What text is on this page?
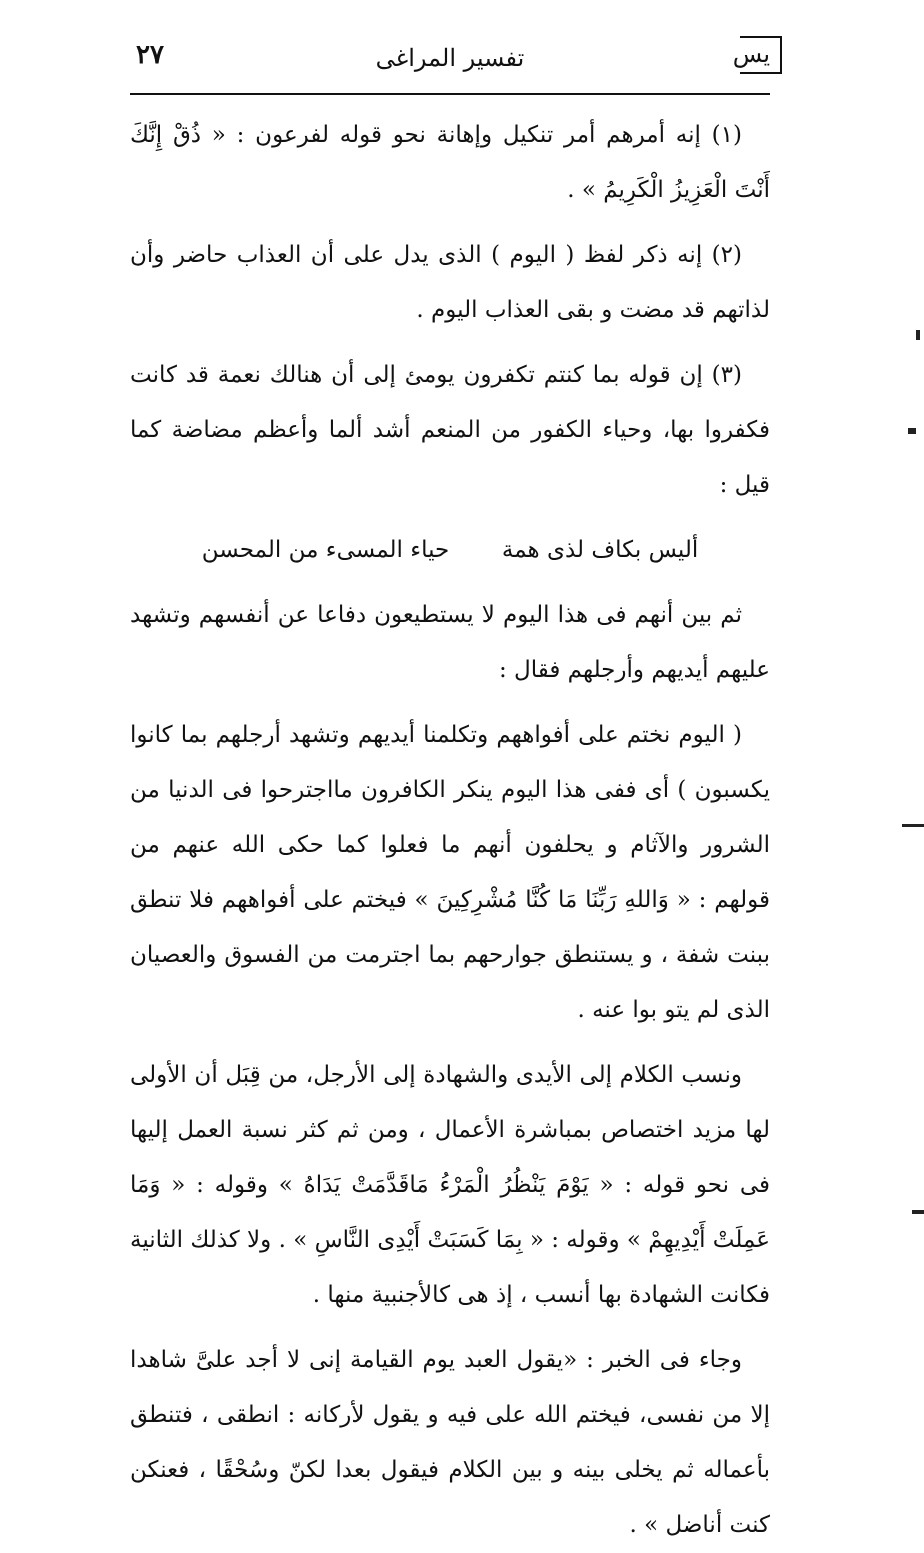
يس
تفسير المراغى
٢٧

(١) إنه أمرهم أمر تنكيل وإهانة نحو قوله لفرعون : « ذُقْ إِنَّكَ أَنْتَ الْعَزِيزُ الْكَرِيمُ » .

(٢) إنه ذكر لفظ ( اليوم ) الذى يدل على أن العذاب حاضر وأن لذاتهم قد مضت و بقى العذاب اليوم .

(٣) إن قوله بما كنتم تكفرون يومئ إلى أن هنالك نعمة قد كانت فكفروا بها، وحياء الكفور من المنعم أشد ألما وأعظم مضاضة كما قيل :

أليس بكاف لذى همة  حياء المسىء من المحسن

ثم بين أنهم فى هذا اليوم لا يستطيعون دفاعا عن أنفسهم وتشهد عليهم أيديهم وأرجلهم فقال :

( اليوم نختم على أفواههم وتكلمنا أيديهم وتشهد أرجلهم بما كانوا يكسبون ) أى ففى هذا اليوم ينكر الكافرون مااجترحوا فى الدنيا من الشرور والآثام و يحلفون أنهم ما فعلوا كما حكى الله عنهم من قولهم : « وَاللهِ رَبِّنَا مَا كُنَّا مُشْرِكِينَ » فيختم على أفواههم فلا تنطق ببنت شفة ، و يستنطق جوارحهم بما اجترمت من الفسوق والعصيان الذى لم يتو بوا عنه .

ونسب الكلام إلى الأيدى والشهادة إلى الأرجل، من قِبَل أن الأولى لها مزيد اختصاص بمباشرة الأعمال ، ومن ثم كثر نسبة العمل إليها فى نحو قوله : « يَوْمَ يَنْظُرُ الْمَرْءُ مَاقَدَّمَتْ يَدَاهُ » وقوله : « وَمَا عَمِلَتْ أَيْدِيهِمْ » وقوله : « بِمَا كَسَبَتْ أَيْدِى النَّاسِ » . ولا كذلك الثانية فكانت الشهادة بها أنسب ، إذ هى كالأجنبية منها .

وجاء فى الخبر : «يقول العبد يوم القيامة إنى لا أجد علىَّ شاهدا إلا من نفسى، فيختم الله على فيه و يقول لأركانه : انطقى ، فتنطق بأعماله ثم يخلى بينه و بين الكلام فيقول بعدا لكنّ وسُحْقًا ، فعنكن كنت أناضل » .
